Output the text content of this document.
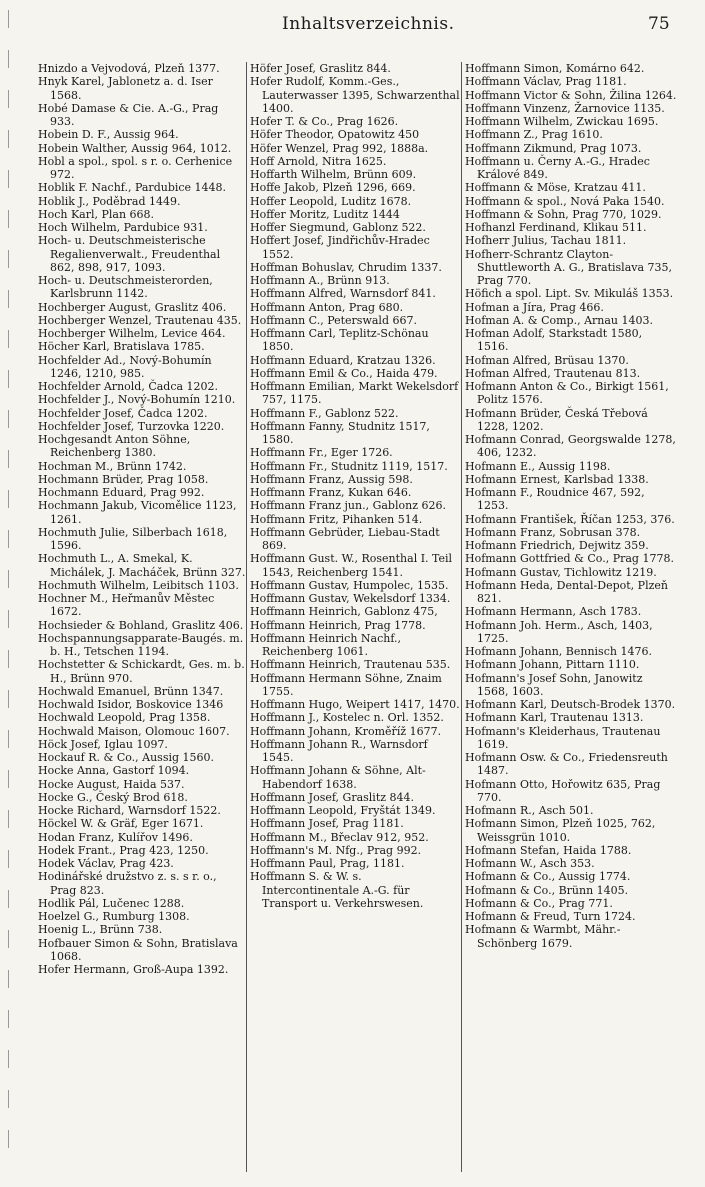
Inhaltsverzeichnis.	75

Hnizdo a Vejvodová, Plzeň 1377.

Hnyk Karel, Jablonetz a. d. Iser 1568.

Hobé Damase & Cie. A.-G., Prag 933.

Hobein D. F., Aussig 964.

Hobein Walther, Aussig 964, 1012.

Hobl a spol., spol. s r. o. Cerhenice 972.

Hoblik F. Nachf., Pardubice 1448.

Hoblik J., Poděbrad 1449.

Hoch Karl, Plan 668.

Hoch Wilhelm, Pardubice 931.

Hoch- u. Deutschmeisterische Regalienverwalt., Freudenthal 862, 898, 917, 1093.

Hoch- u. Deutschmeisterorden, Karlsbrunn 1142.

Hochberger August, Graslitz 406.

Hochberger Wenzel, Trautenau 435.

Hochberger Wilhelm, Levice 464.

Höcher Karl, Bratislava 1785.

Hochfelder Ad., Nový-Bohumín 1246, 1210, 985.

Hochfelder Arnold, Čadca 1202.

Hochfelder J., Nový-Bohumín 1210.

Hochfelder Josef, Čadca 1202.

Hochfelder Josef, Turzovka 1220.

Hochgesandt Anton Söhne, Reichenberg 1380.

Hochman M., Brünn 1742.

Hochmann Brüder, Prag 1058.

Hochmann Eduard, Prag 992.

Hochmann Jakub, Vicomělice 1123, 1261.

Hochmuth Julie, Silberbach 1618, 1596.

Hochmuth L., A. Smekal, K. Michálek, J. Macháček, Brünn 327.

Hochmuth Wilhelm, Leibitsch 1103.

Hochner M., Heřmanův Městec 1672.

Hochsieder & Bohland, Graslitz 406.

Hochspannungsapparate-Baugés. m. b. H., Tetschen 1194.

Hochstetter & Schickardt, Ges. m. b. H., Brünn 970.

Hochwald Emanuel, Brünn 1347.

Hochwald Isidor, Boskovice 1346

Hochwald Leopold, Prag 1358.

Hochwald Maison, Olomouc 1607.

Höck Josef, Iglau 1097.

Hockauf R. & Co., Aussig 1560.

Hocke Anna, Gastorf 1094.

Hocke August, Haida 537.

Hocke G., Český Brod 618.

Hocke Richard, Warnsdorf 1522.

Höckel W. & Gräf, Eger 1671.

Hodan Franz, Kulířov 1496.

Hodek Frant., Prag 423, 1250.

Hodek Václav, Prag 423.

Hodinářské družstvo z. s. s r. o., Prag 823.

Hodlik Pál, Lučenec 1288.

Hoelzel G., Rumburg 1308.

Hoenig L., Brünn 738.

Hofbauer Simon & Sohn, Bratislava 1068.

Hofer Hermann, Groß-Aupa 1392.

Höfer Josef, Graslitz 844.

Hofer Rudolf, Komm.-Ges., Lauterwasser 1395, Schwarzenthal 1400.

Hofer T. & Co., Prag 1626.

Höfer Theodor, Opatowitz 450

Höfer Wenzel, Prag 992, 1888a.

Hoff Arnold, Nitra 1625.

Hoffarth Wilhelm, Brünn 609.

Hoffe Jakob, Plzeň 1296, 669.

Hoffer Leopold, Luditz 1678.

Hoffer Moritz, Luditz 1444

Hoffer Siegmund, Gablonz 522.

Hoffert Josef, Jindřichův-Hradec 1552.

Hoffman Bohuslav, Chrudim 1337.

Hoffmann A., Brünn 913.

Hoffmann Alfred, Warnsdorf 841.

Hoffmann Anton, Prag 680.

Hoffmann C., Peterswald 667.

Hoffmann Carl, Teplitz-Schönau 1850.

Hoffmann Eduard, Kratzau 1326.

Hoffmann Emil & Co., Haida 479.

Hoffmann Emilian, Markt Wekelsdorf 757, 1175.

Hoffmann F., Gablonz 522.

Hoffmann Fanny, Studnitz 1517, 1580.

Hoffmann Fr., Eger 1726.

Hoffmann Fr., Studnitz 1119, 1517.

Hoffmann Franz, Aussig 598.

Hoffmann Franz, Kukan 646.

Hoffmann Franz jun., Gablonz 626.

Hoffmann Fritz, Pihanken 514.

Hoffmann Gebrüder, Liebau-Stadt 869.

Hoffmann Gust. W., Rosenthal I. Teil 1543, Reichenberg 1541.

Hoffmann Gustav, Humpolec, 1535.

Hoffmann Gustav, Wekelsdorf 1334.

Hoffmann Heinrich, Gablonz 475,

Hoffmann Heinrich, Prag 1778.

Hoffmann Heinrich Nachf., Reichenberg 1061.

Hoffmann Heinrich, Trautenau 535.

Hoffmann Hermann Söhne, Znaim 1755.

Hoffmann Hugo, Weipert 1417, 1470.

Hoffmann J., Kostelec n. Orl. 1352.

Hoffmann Johann, Kroměříž 1677.

Hoffmann Johann R., Warnsdorf 1545.

Hoffmann Johann & Söhne, Alt-Habendorf 1638.

Hoffmann Josef, Graslitz 844.

Hoffmann Leopold, Fryštát 1349.

Hoffmann Josef, Prag 1181.

Hoffmann M., Břeclav 912, 952.

Hoffmann's M. Nfg., Prag 992.

Hoffmann Paul, Prag, 1181.

Hoffmann S. & W. s. Intercontinentale A.-G. für Transport u. Verkehrswesen.

Hoffmann Simon, Komárno 642.

Hoffmann Václav, Prag 1181.

Hoffmann Victor & Sohn, Žilina 1264.

Hoffmann Vinzenz, Žarnovice 1135.

Hoffmann Wilhelm, Zwickau 1695.

Hoffmann Z., Prag 1610.

Hoffmann Zikmund, Prag 1073.

Hoffmann u. Černy A.-G., Hradec Králové 849.

Hoffmann & Möse, Kratzau 411.

Hoffmann & spol., Nová Paka 1540.

Hoffmann & Sohn, Prag 770, 1029.

Hofhanzl Ferdinand, Klikau 511.

Hofherr Julius, Tachau 1811.

Hofherr-Schrantz Clayton-Shuttleworth A. G., Bratislava 735, Prag 770.

Höfich a spol. Lipt. Sv. Mikuláš 1353.

Hofman a Jíra, Prag 466.

Hofman A. & Comp., Arnau 1403.

Hofman Adolf, Starkstadt 1580, 1516.

Hofman Alfred, Brüsau 1370.

Hofman Alfred, Trautenau 813.

Hofmann Anton & Co., Birkigt 1561, Politz 1576.

Hofmann Brüder, Česká Třebová 1228, 1202.

Hofmann Conrad, Georgswalde 1278, 406, 1232.

Hofmann E., Aussig 1198.

Hofmann Ernest, Karlsbad 1338.

Hofmann F., Roudnice 467, 592, 1253.

Hofmann František, Říčan 1253, 376.

Hofmann Franz, Sobrusan 378.

Hofmann Friedrich, Dejwitz 359.

Hofmann Gottfried & Co., Prag 1778.

Hofmann Gustav, Tichlowitz 1219.

Hofmann Heda, Dental-Depot, Plzeň 821.

Hofmann Hermann, Asch 1783.

Hofmann Joh. Herm., Asch, 1403, 1725.

Hofmann Johann, Bennisch 1476.

Hofmann Johann, Pittarn 1110.

Hofmann's Josef Sohn, Janowitz 1568, 1603.

Hofmann Karl, Deutsch-Brodek 1370.

Hofmann Karl, Trautenau 1313.

Hofmann's Kleiderhaus, Trautenau 1619.

Hofmann Osw. & Co., Friedensreuth 1487.

Hofmann Otto, Hořowitz 635, Prag 770.

Hofmann R., Asch 501.

Hofmann Simon, Plzeň 1025, 762, Weissgrün 1010.

Hofmann Stefan, Haida 1788.

Hofmann W., Asch 353.

Hofmann & Co., Aussig 1774.

Hofmann & Co., Brünn 1405.

Hofmann & Co., Prag 771.

Hofmann & Freud, Turn 1724.

Hofmann & Warmbt, Mähr.-Schönberg 1679.
